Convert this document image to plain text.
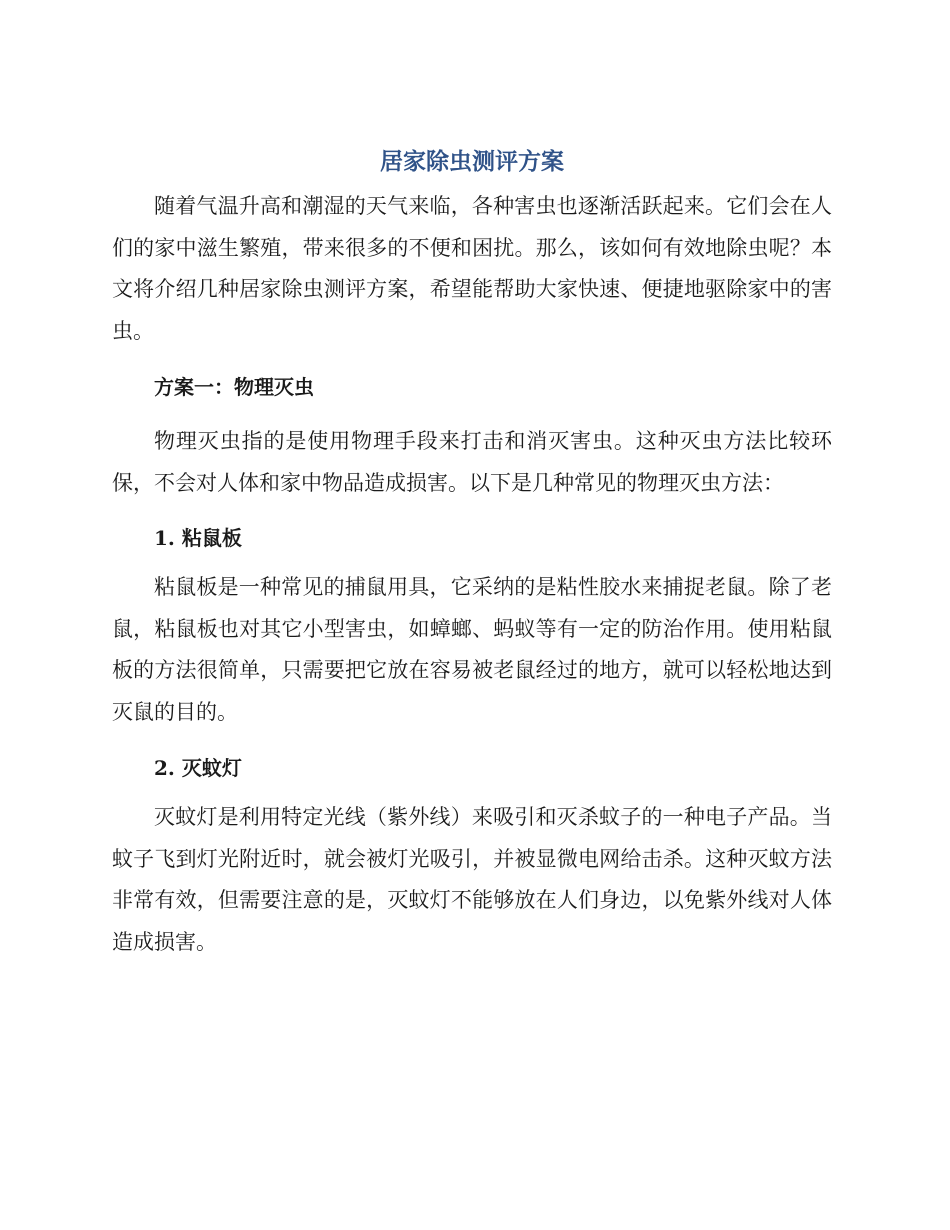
居家除虫测评方案

随着气温升高和潮湿的天气来临，各种害虫也逐渐活跃起来。它们会在人们的家中滋生繁殖，带来很多的不便和困扰。那么，该如何有效地除虫呢？本文将介绍几种居家除虫测评方案，希望能帮助大家快速、便捷地驱除家中的害虫。

方案一：物理灭虫

物理灭虫指的是使用物理手段来打击和消灭害虫。这种灭虫方法比较环保，不会对人体和家中物品造成损害。以下是几种常见的物理灭虫方法：

1. 粘鼠板

粘鼠板是一种常见的捕鼠用具，它采纳的是粘性胶水来捕捉老鼠。除了老鼠，粘鼠板也对其它小型害虫，如蟑螂、蚂蚁等有一定的防治作用。使用粘鼠板的方法很简单，只需要把它放在容易被老鼠经过的地方，就可以轻松地达到灭鼠的目的。

2. 灭蚊灯

灭蚊灯是利用特定光线（紫外线）来吸引和灭杀蚊子的一种电子产品。当蚊子飞到灯光附近时，就会被灯光吸引，并被显微电网给击杀。这种灭蚊方法非常有效，但需要注意的是，灭蚊灯不能够放在人们身边，以免紫外线对人体造成损害。
